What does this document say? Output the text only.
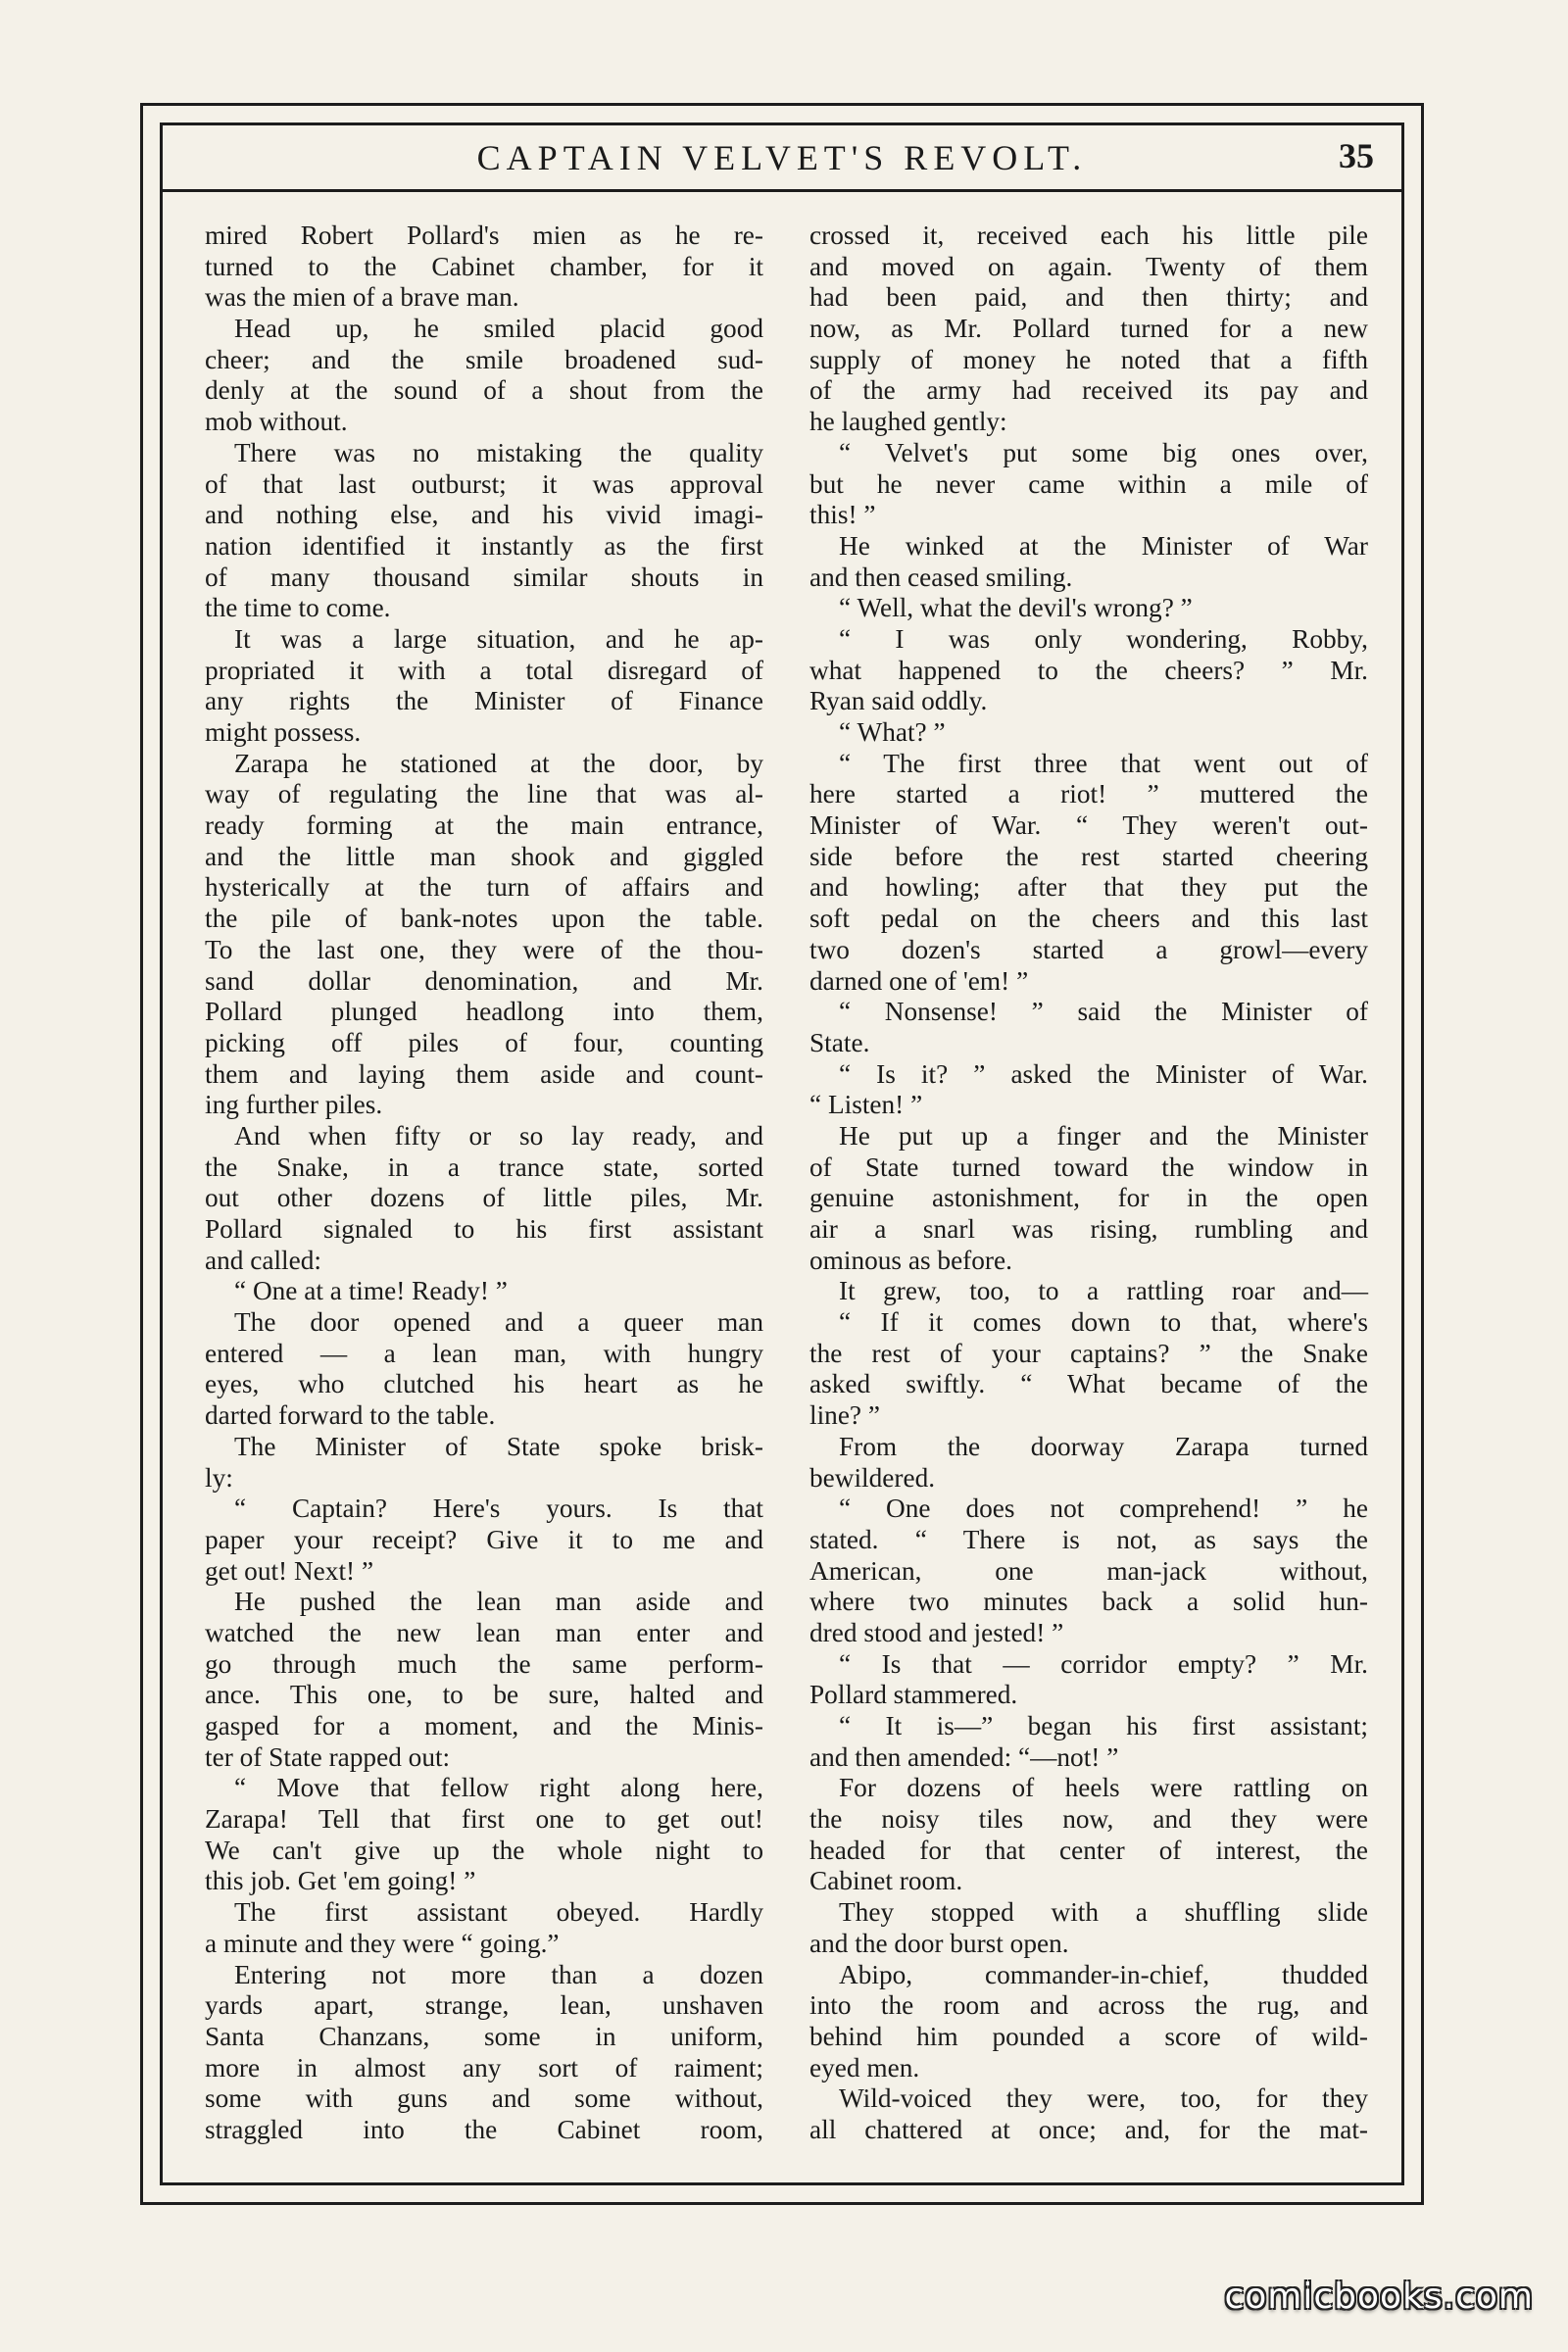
CAPTAIN VELVET'S REVOLT.	35
mired Robert Pollard's mien as he re-
turned to the Cabinet chamber, for it
was the mien of a brave man.
Head up, he smiled placid good
cheer; and the smile broadened sud-
denly at the sound of a shout from the
mob without.
There was no mistaking the quality
of that last outburst; it was approval
and nothing else, and his vivid imagi-
nation identified it instantly as the first
of many thousand similar shouts in
the time to come.
It was a large situation, and he ap-
propriated it with a total disregard of
any rights the Minister of Finance
might possess.
Zarapa he stationed at the door, by
way of regulating the line that was al-
ready forming at the main entrance,
and the little man shook and giggled
hysterically at the turn of affairs and
the pile of bank-notes upon the table.
To the last one, they were of the thou-
sand dollar denomination, and Mr.
Pollard plunged headlong into them,
picking off piles of four, counting
them and laying them aside and count-
ing further piles.
And when fifty or so lay ready, and
the Snake, in a trance state, sorted
out other dozens of little piles, Mr.
Pollard signaled to his first assistant
and called:
“ One at a time! Ready! ”
The door opened and a queer man
entered — a lean man, with hungry
eyes, who clutched his heart as he
darted forward to the table.
The Minister of State spoke brisk-
ly:
“ Captain? Here's yours. Is that
paper your receipt? Give it to me and
get out! Next! ”
He pushed the lean man aside and
watched the new lean man enter and
go through much the same perform-
ance. This one, to be sure, halted and
gasped for a moment, and the Minis-
ter of State rapped out:
“ Move that fellow right along here,
Zarapa! Tell that first one to get out!
We can't give up the whole night to
this job. Get 'em going! ”
The first assistant obeyed. Hardly
a minute and they were “ going.”
Entering not more than a dozen
yards apart, strange, lean, unshaven
Santa Chanzans, some in uniform,
more in almost any sort of raiment;
some with guns and some without,
straggled into the Cabinet room,
crossed it, received each his little pile
and moved on again. Twenty of them
had been paid, and then thirty; and
now, as Mr. Pollard turned for a new
supply of money he noted that a fifth
of the army had received its pay and
he laughed gently:
“ Velvet's put some big ones over,
but he never came within a mile of
this! ”
He winked at the Minister of War
and then ceased smiling.
“ Well, what the devil's wrong? ”
“ I was only wondering, Robby,
what happened to the cheers? ” Mr.
Ryan said oddly.
“ What? ”
“ The first three that went out of
here started a riot! ” muttered the
Minister of War. “ They weren't out-
side before the rest started cheering
and howling; after that they put the
soft pedal on the cheers and this last
two dozen's started a growl—every
darned one of 'em! ”
“ Nonsense! ” said the Minister of
State.
“ Is it? ” asked the Minister of War.
“ Listen! ”
He put up a finger and the Minister
of State turned toward the window in
genuine astonishment, for in the open
air a snarl was rising, rumbling and
ominous as before.
It grew, too, to a rattling roar and—
“ If it comes down to that, where's
the rest of your captains? ” the Snake
asked swiftly. “ What became of the
line? ”
From the doorway Zarapa turned
bewildered.
“ One does not comprehend! ” he
stated. “ There is not, as says the
American, one man-jack without,
where two minutes back a solid hun-
dred stood and jested! ”
“ Is that — corridor empty? ” Mr.
Pollard stammered.
“ It is—” began his first assistant;
and then amended: “—not! ”
For dozens of heels were rattling on
the noisy tiles now, and they were
headed for that center of interest, the
Cabinet room.
They stopped with a shuffling slide
and the door burst open.
Abipo, commander-in-chief, thudded
into the room and across the rug, and
behind him pounded a score of wild-
eyed men.
Wild-voiced they were, too, for they
all chattered at once; and, for the mat-
comicbooks.com
